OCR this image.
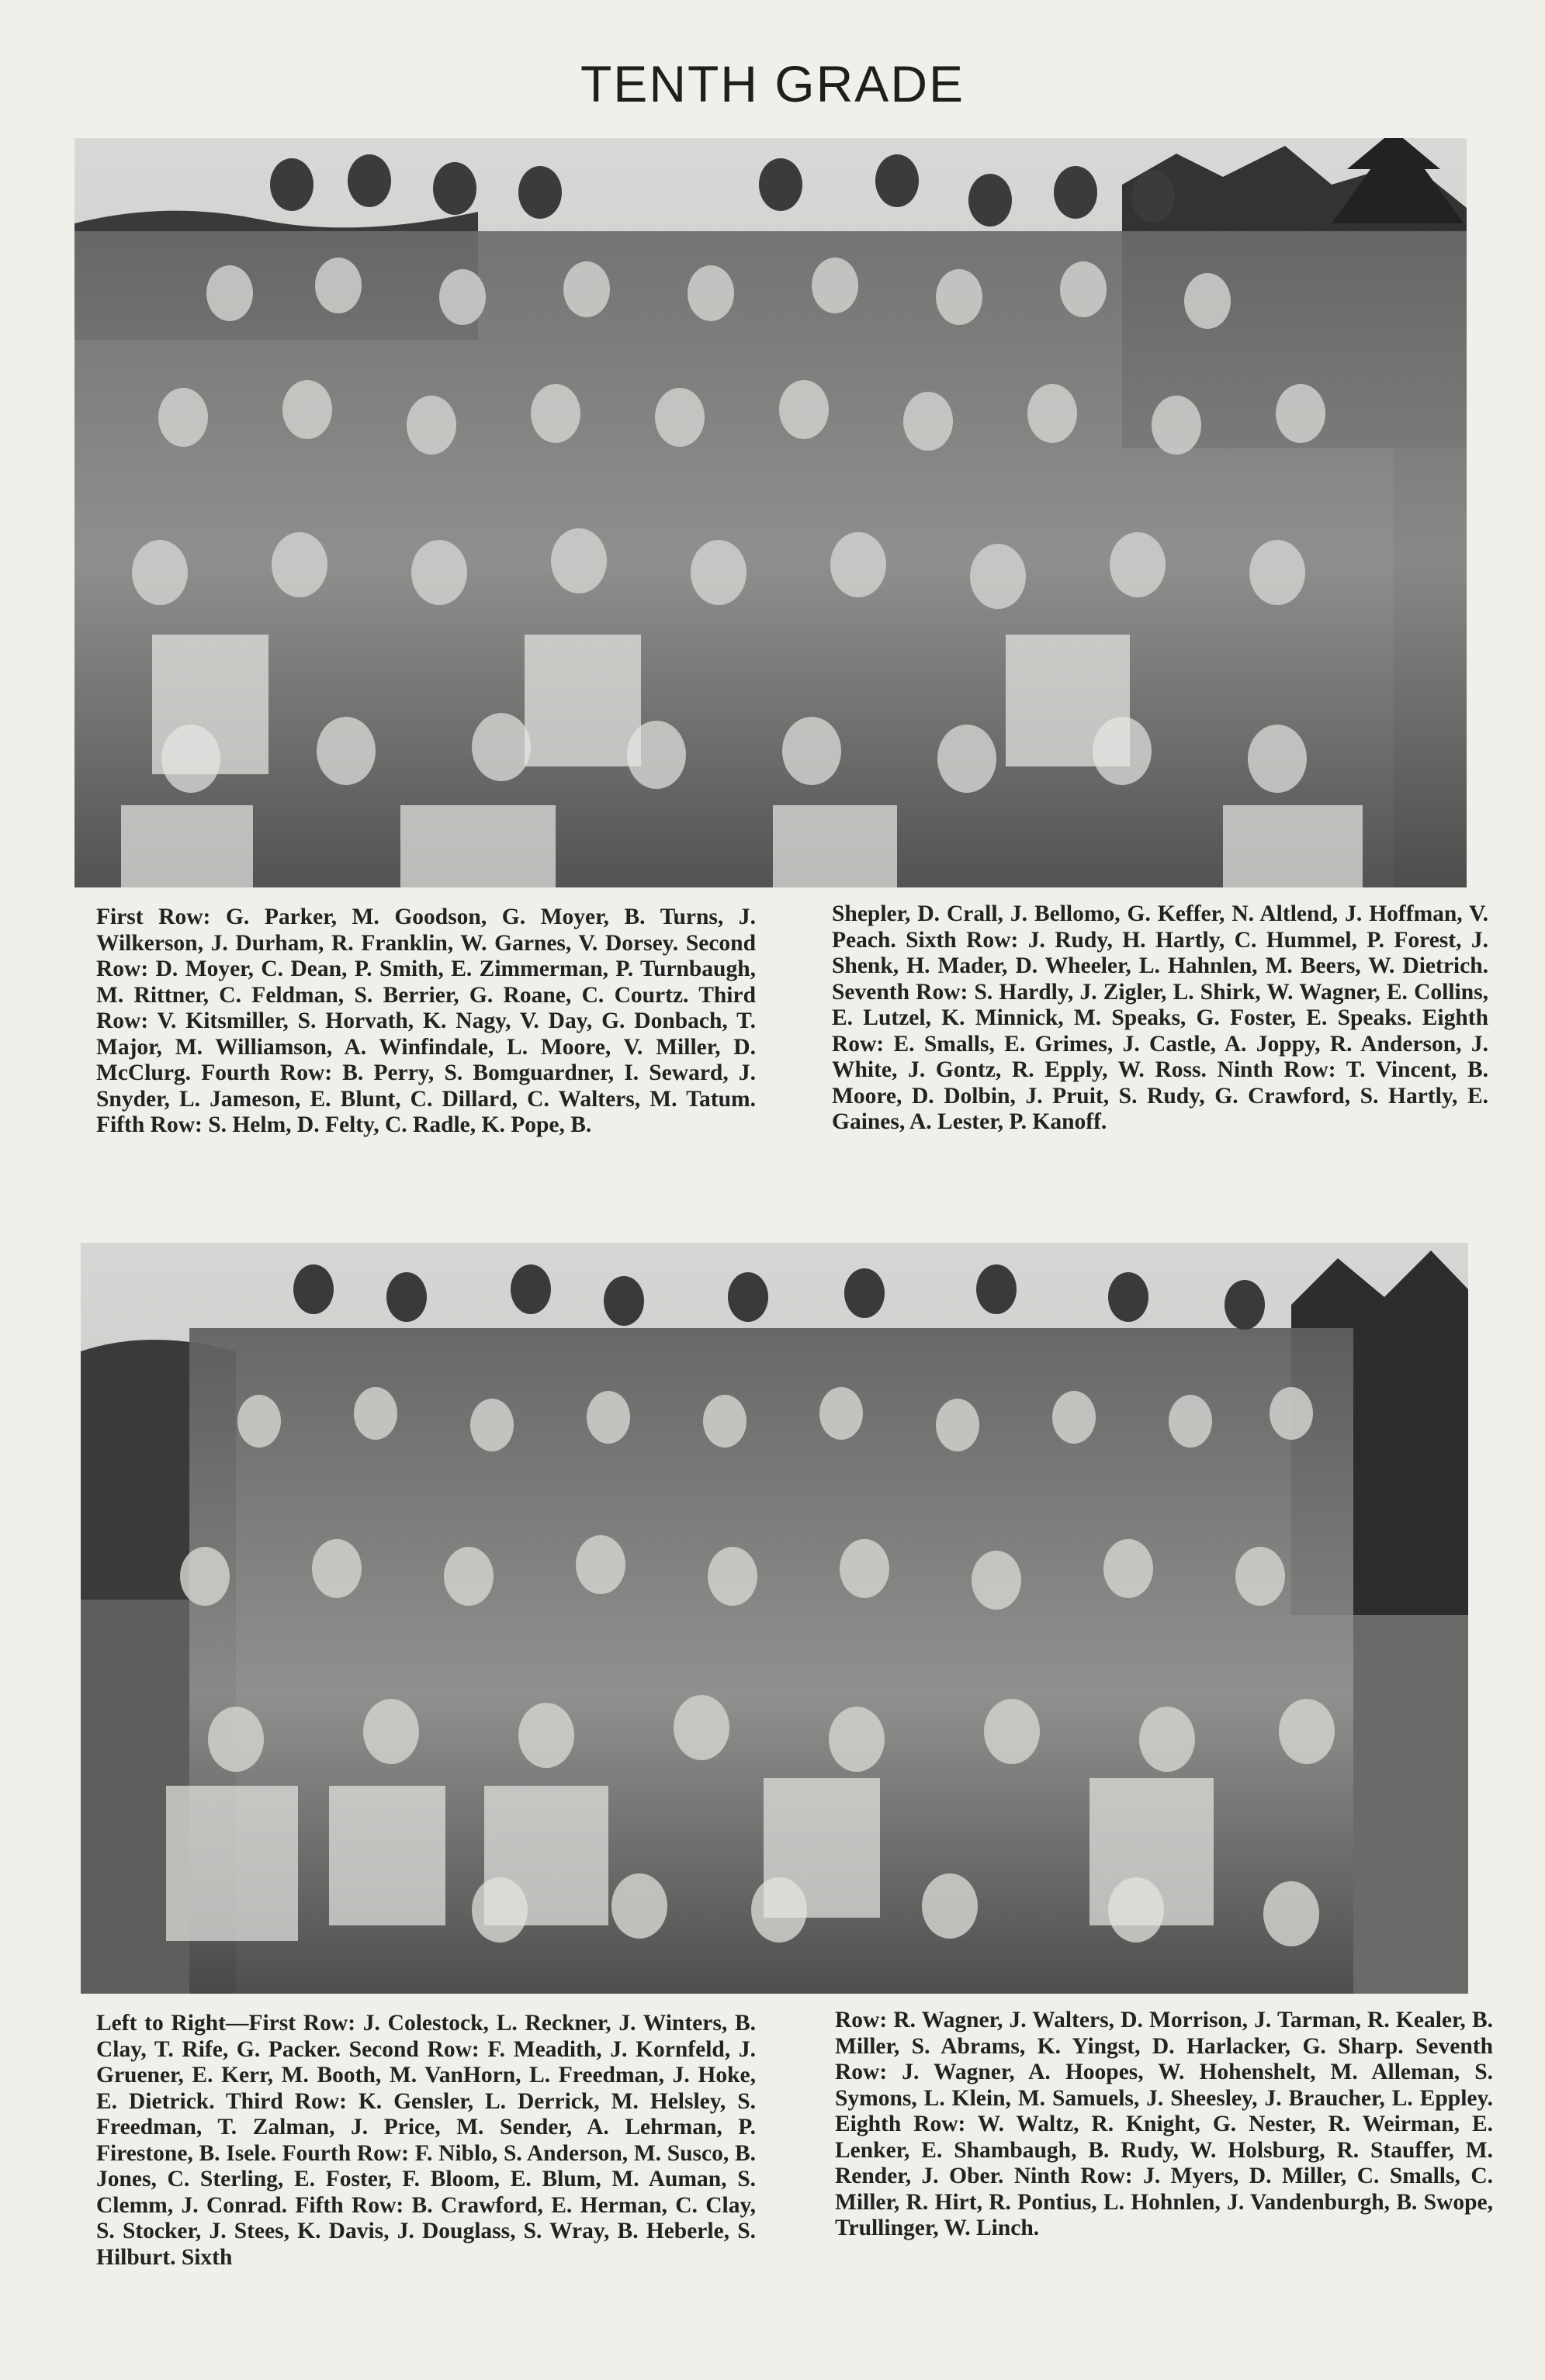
TENTH GRADE

First Row: G. Parker, M. Goodson, G. Moyer, B. Turns, J. Wilkerson, J. Durham, R. Franklin, W. Garnes, V. Dorsey. Second Row: D. Moyer, C. Dean, P. Smith, E. Zimmerman, P. Turnbaugh, M. Rittner, C. Feldman, S. Berrier, G. Roane, C. Courtz. Third Row: V. Kitsmiller, S. Horvath, K. Nagy, V. Day, G. Donbach, T. Major, M. Williamson, A. Winfindale, L. Moore, V. Miller, D. McClurg. Fourth Row: B. Perry, S. Bomguardner, I. Seward, J. Snyder, L. Jameson, E. Blunt, C. Dillard, C. Walters, M. Tatum. Fifth Row: S. Helm, D. Felty, C. Radle, K. Pope, B.

Shepler, D. Crall, J. Bellomo, G. Keffer, N. Altlend, J. Hoffman, V. Peach. Sixth Row: J. Rudy, H. Hartly, C. Hummel, P. Forest, J. Shenk, H. Mader, D. Wheeler, L. Hahnlen, M. Beers, W. Dietrich. Seventh Row: S. Hardly, J. Zigler, L. Shirk, W. Wagner, E. Collins, E. Lutzel, K. Minnick, M. Speaks, G. Foster, E. Speaks. Eighth Row: E. Smalls, E. Grimes, J. Castle, A. Joppy, R. Anderson, J. White, J. Gontz, R. Epply, W. Ross. Ninth Row: T. Vincent, B. Moore, D. Dolbin, J. Pruit, S. Rudy, G. Crawford, S. Hartly, E. Gaines, A. Lester, P. Kanoff.

Left to Right—First Row: J. Colestock, L. Reckner, J. Winters, B. Clay, T. Rife, G. Packer. Second Row: F. Meadith, J. Kornfeld, J. Gruener, E. Kerr, M. Booth, M. VanHorn, L. Freedman, J. Hoke, E. Dietrick. Third Row: K. Gensler, L. Derrick, M. Helsley, S. Freedman, T. Zalman, J. Price, M. Sender, A. Lehrman, P. Firestone, B. Isele. Fourth Row: F. Niblo, S. Anderson, M. Susco, B. Jones, C. Sterling, E. Foster, F. Bloom, E. Blum, M. Auman, S. Clemm, J. Conrad. Fifth Row: B. Crawford, E. Herman, C. Clay, S. Stocker, J. Stees, K. Davis, J. Douglass, S. Wray, B. Heberle, S. Hilburt. Sixth

Row: R. Wagner, J. Walters, D. Morrison, J. Tarman, R. Kealer, B. Miller, S. Abrams, K. Yingst, D. Harlacker, G. Sharp. Seventh Row: J. Wagner, A. Hoopes, W. Hohenshelt, M. Alleman, S. Symons, L. Klein, M. Samuels, J. Sheesley, J. Braucher, L. Eppley. Eighth Row: W. Waltz, R. Knight, G. Nester, R. Weirman, E. Lenker, E. Shambaugh, B. Rudy, W. Holsburg, R. Stauffer, M. Render, J. Ober. Ninth Row: J. Myers, D. Miller, C. Smalls, C. Miller, R. Hirt, R. Pontius, L. Hohnlen, J. Vandenburgh, B. Swope, Trullinger, W. Linch.
